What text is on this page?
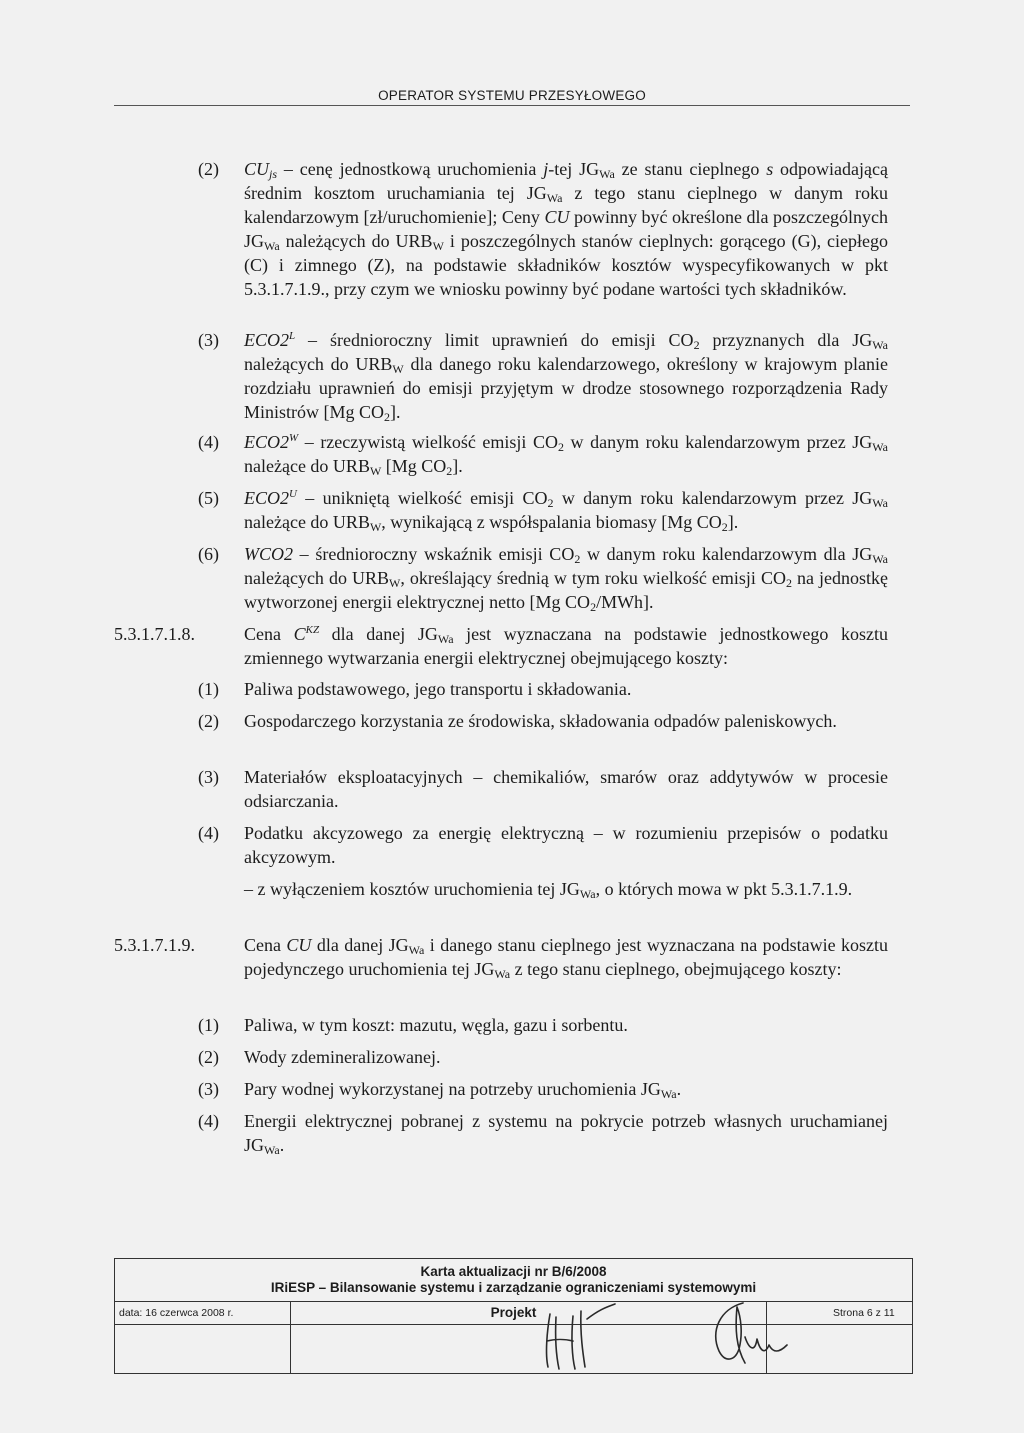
OPERATOR SYSTEMU PRZESYŁOWEGO
(2) $CU_{js}$ – cenę jednostkową uruchomienia j-tej $JG_{Wa}$ ze stanu cieplnego s odpowiadającą średnim kosztom uruchamiania tej $JG_{Wa}$ z tego stanu cieplnego w danym roku kalendarzowym [zł/uruchomienie]; Ceny CU powinny być określone dla poszczególnych $JG_{Wa}$ należących do $URB_W$ i poszczególnych stanów cieplnych: gorącego (G), ciepłego (C) i zimnego (Z), na podstawie składników kosztów wyspecyfikowanych w pkt 5.3.1.7.1.9., przy czym we wniosku powinny być podane wartości tych składników.
(3) $ECO2^L$ – średnioroczny limit uprawnień do emisji $CO_2$ przyznanych dla $JG_{Wa}$ należących do $URB_W$ dla danego roku kalendarzowego, określony w krajowym planie rozdziału uprawnień do emisji przyjętym w drodze stosownego rozporządzenia Rady Ministrów [Mg $CO_2$].
(4) $ECO2^W$ – rzeczywistą wielkość emisji $CO_2$ w danym roku kalendarzowym przez $JG_{Wa}$ należące do $URB_W$ [Mg $CO_2$].
(5) $ECO2^U$ – unikniętą wielkość emisji $CO_2$ w danym roku kalendarzowym przez $JG_{Wa}$ należące do $URB_W$, wynikającą z współspalania biomasy [Mg $CO_2$].
(6) WCO2 – średnioroczny wskaźnik emisji $CO_2$ w danym roku kalendarzowym dla $JG_{Wa}$ należących do $URB_W$, określający średnią w tym roku wielkość emisji $CO_2$ na jednostkę wytworzonej energii elektrycznej netto [Mg $CO_2/MWh$].
5.3.1.7.1.8.	Cena $C^{KZ}$ dla danej $JG_{Wa}$ jest wyznaczana na podstawie jednostkowego kosztu zmiennego wytwarzania energii elektrycznej obejmującego koszty:
(1) Paliwa podstawowego, jego transportu i składowania.
(2) Gospodarczego korzystania ze środowiska, składowania odpadów paleniskowych.
(3) Materiałów eksploatacyjnych – chemikaliów, smarów oraz addytywów w procesie odsiarczania.
(4) Podatku akcyzowego za energię elektryczną – w rozumieniu przepisów o podatku akcyzowym.
– z wyłączeniem kosztów uruchomienia tej $JG_{Wa}$, o których mowa w pkt 5.3.1.7.1.9.
5.3.1.7.1.9.	Cena CU dla danej $JG_{Wa}$ i danego stanu cieplnego jest wyznaczana na podstawie kosztu pojedynczego uruchomienia tej $JG_{Wa}$ z tego stanu cieplnego, obejmującego koszty:
(1) Paliwa, w tym koszt: mazutu, węgla, gazu i sorbentu.
(2) Wody zdemineralizowanej.
(3) Pary wodnej wykorzystanej na potrzeby uruchomienia $JG_{Wa}$.
(4) Energii elektrycznej pobranej z systemu na pokrycie potrzeb własnych uruchamianej $JG_{Wa}$.
Karta aktualizacji nr B/6/2008
IRiESP – Bilansowanie systemu i zarządzanie ograniczeniami systemowymi
data: 16 czerwca 2008 r.	Projekt	Strona 6 z 11
